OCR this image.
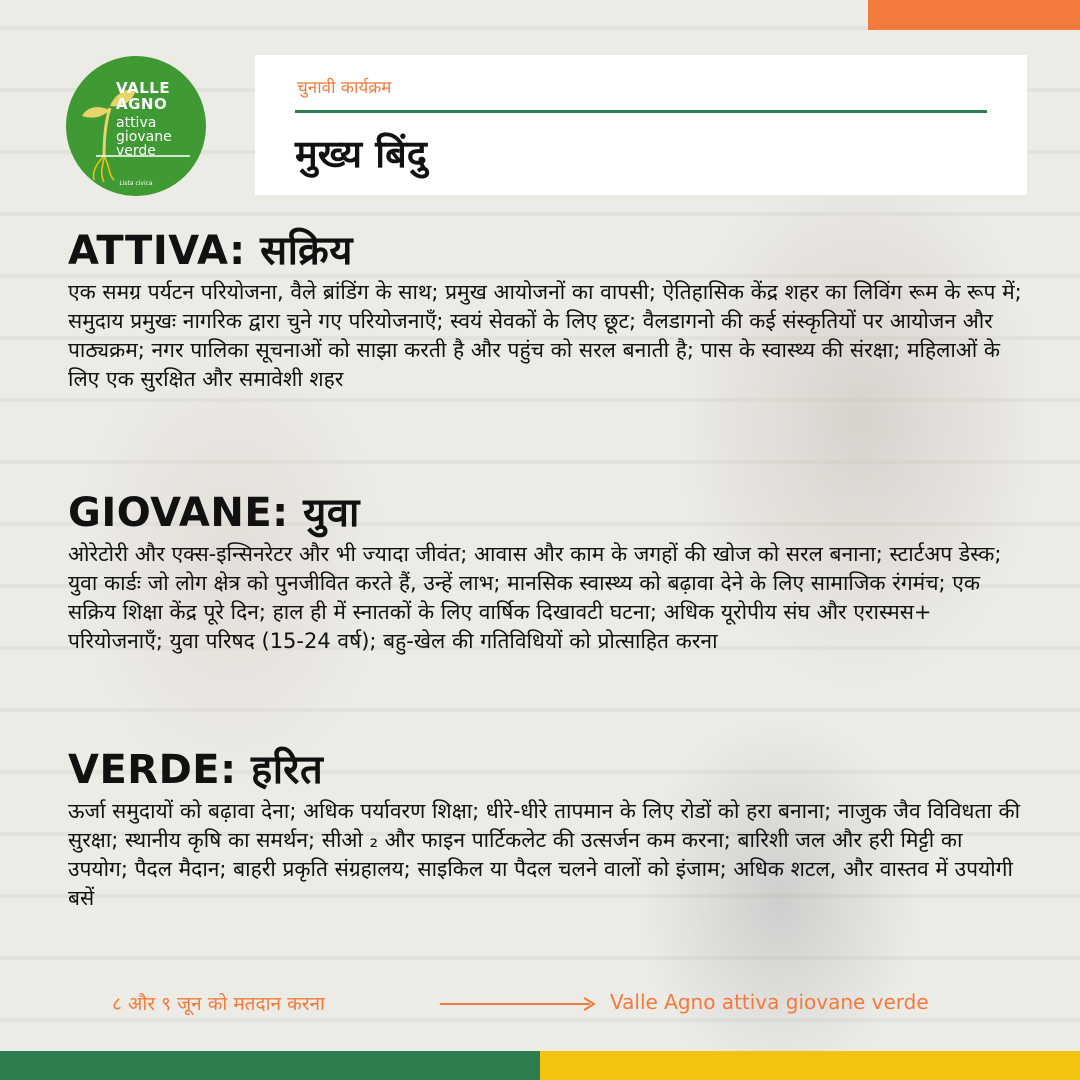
VALLE
AGNO
attiva
giovane
verde
Lista civica
चुनावी कार्यक्रम
मुख्य बिंदु
ATTIVA: सक्रिय

एक समग्र पर्यटन परियोजना, वैले ब्रांडिंग के साथ; प्रमुख आयोजनों का वापसी; ऐतिहासिक केंद्र शहर का लिविंग रूम के रूप में; समुदाय प्रमुखः नागरिक द्वारा चुने गए परियोजनाएँ; स्वयं सेवकों के लिए छूट; वैलडागनो की कई संस्कृतियों पर आयोजन और पाठ्यक्रम; नगर पालिका सूचनाओं को साझा करती है और पहुंच को सरल बनाती है; पास के स्वास्थ्य की संरक्षा; महिलाओं के लिए एक सुरक्षित और समावेशी शहर

GIOVANE: युवा

ओरेटोरी और एक्स-इन्सिनरेटर और भी ज्यादा जीवंत; आवास और काम के जगहों की खोज को सरल बनाना; स्टार्टअप डेस्क; युवा कार्डः जो लोग क्षेत्र को पुनजीवित करते हैं, उन्हें लाभ; मानसिक स्वास्थ्य को बढ़ावा देने के लिए सामाजिक रंगमंच; एक सक्रिय शिक्षा केंद्र पूरे दिन; हाल ही में स्नातकों के लिए वार्षिक दिखावटी घटना; अधिक यूरोपीय संघ और एरास्मस+ परियोजनाएँ; युवा परिषद (15-24 वर्ष); बहु-खेल की गतिविधियों को प्रोत्साहित करना

VERDE: हरित

ऊर्जा समुदायों को बढ़ावा देना; अधिक पर्यावरण शिक्षा; धीरे-धीरे तापमान के लिए रोडों को हरा बनाना; नाजुक जैव विविधता की सुरक्षा; स्थानीय कृषि का समर्थन; सीओ ₂ और फाइन पार्टिकलेट की उत्सर्जन कम करना; बारिशी जल और हरी मिट्टी का उपयोग; पैदल मैदान; बाहरी प्रकृति संग्रहालय; साइकिल या पैदल चलने वालों को इंजाम; अधिक शटल, और वास्तव में उपयोगी बसें

८ और ९ जून को मतदान करना	Valle Agno attiva giovane verde
